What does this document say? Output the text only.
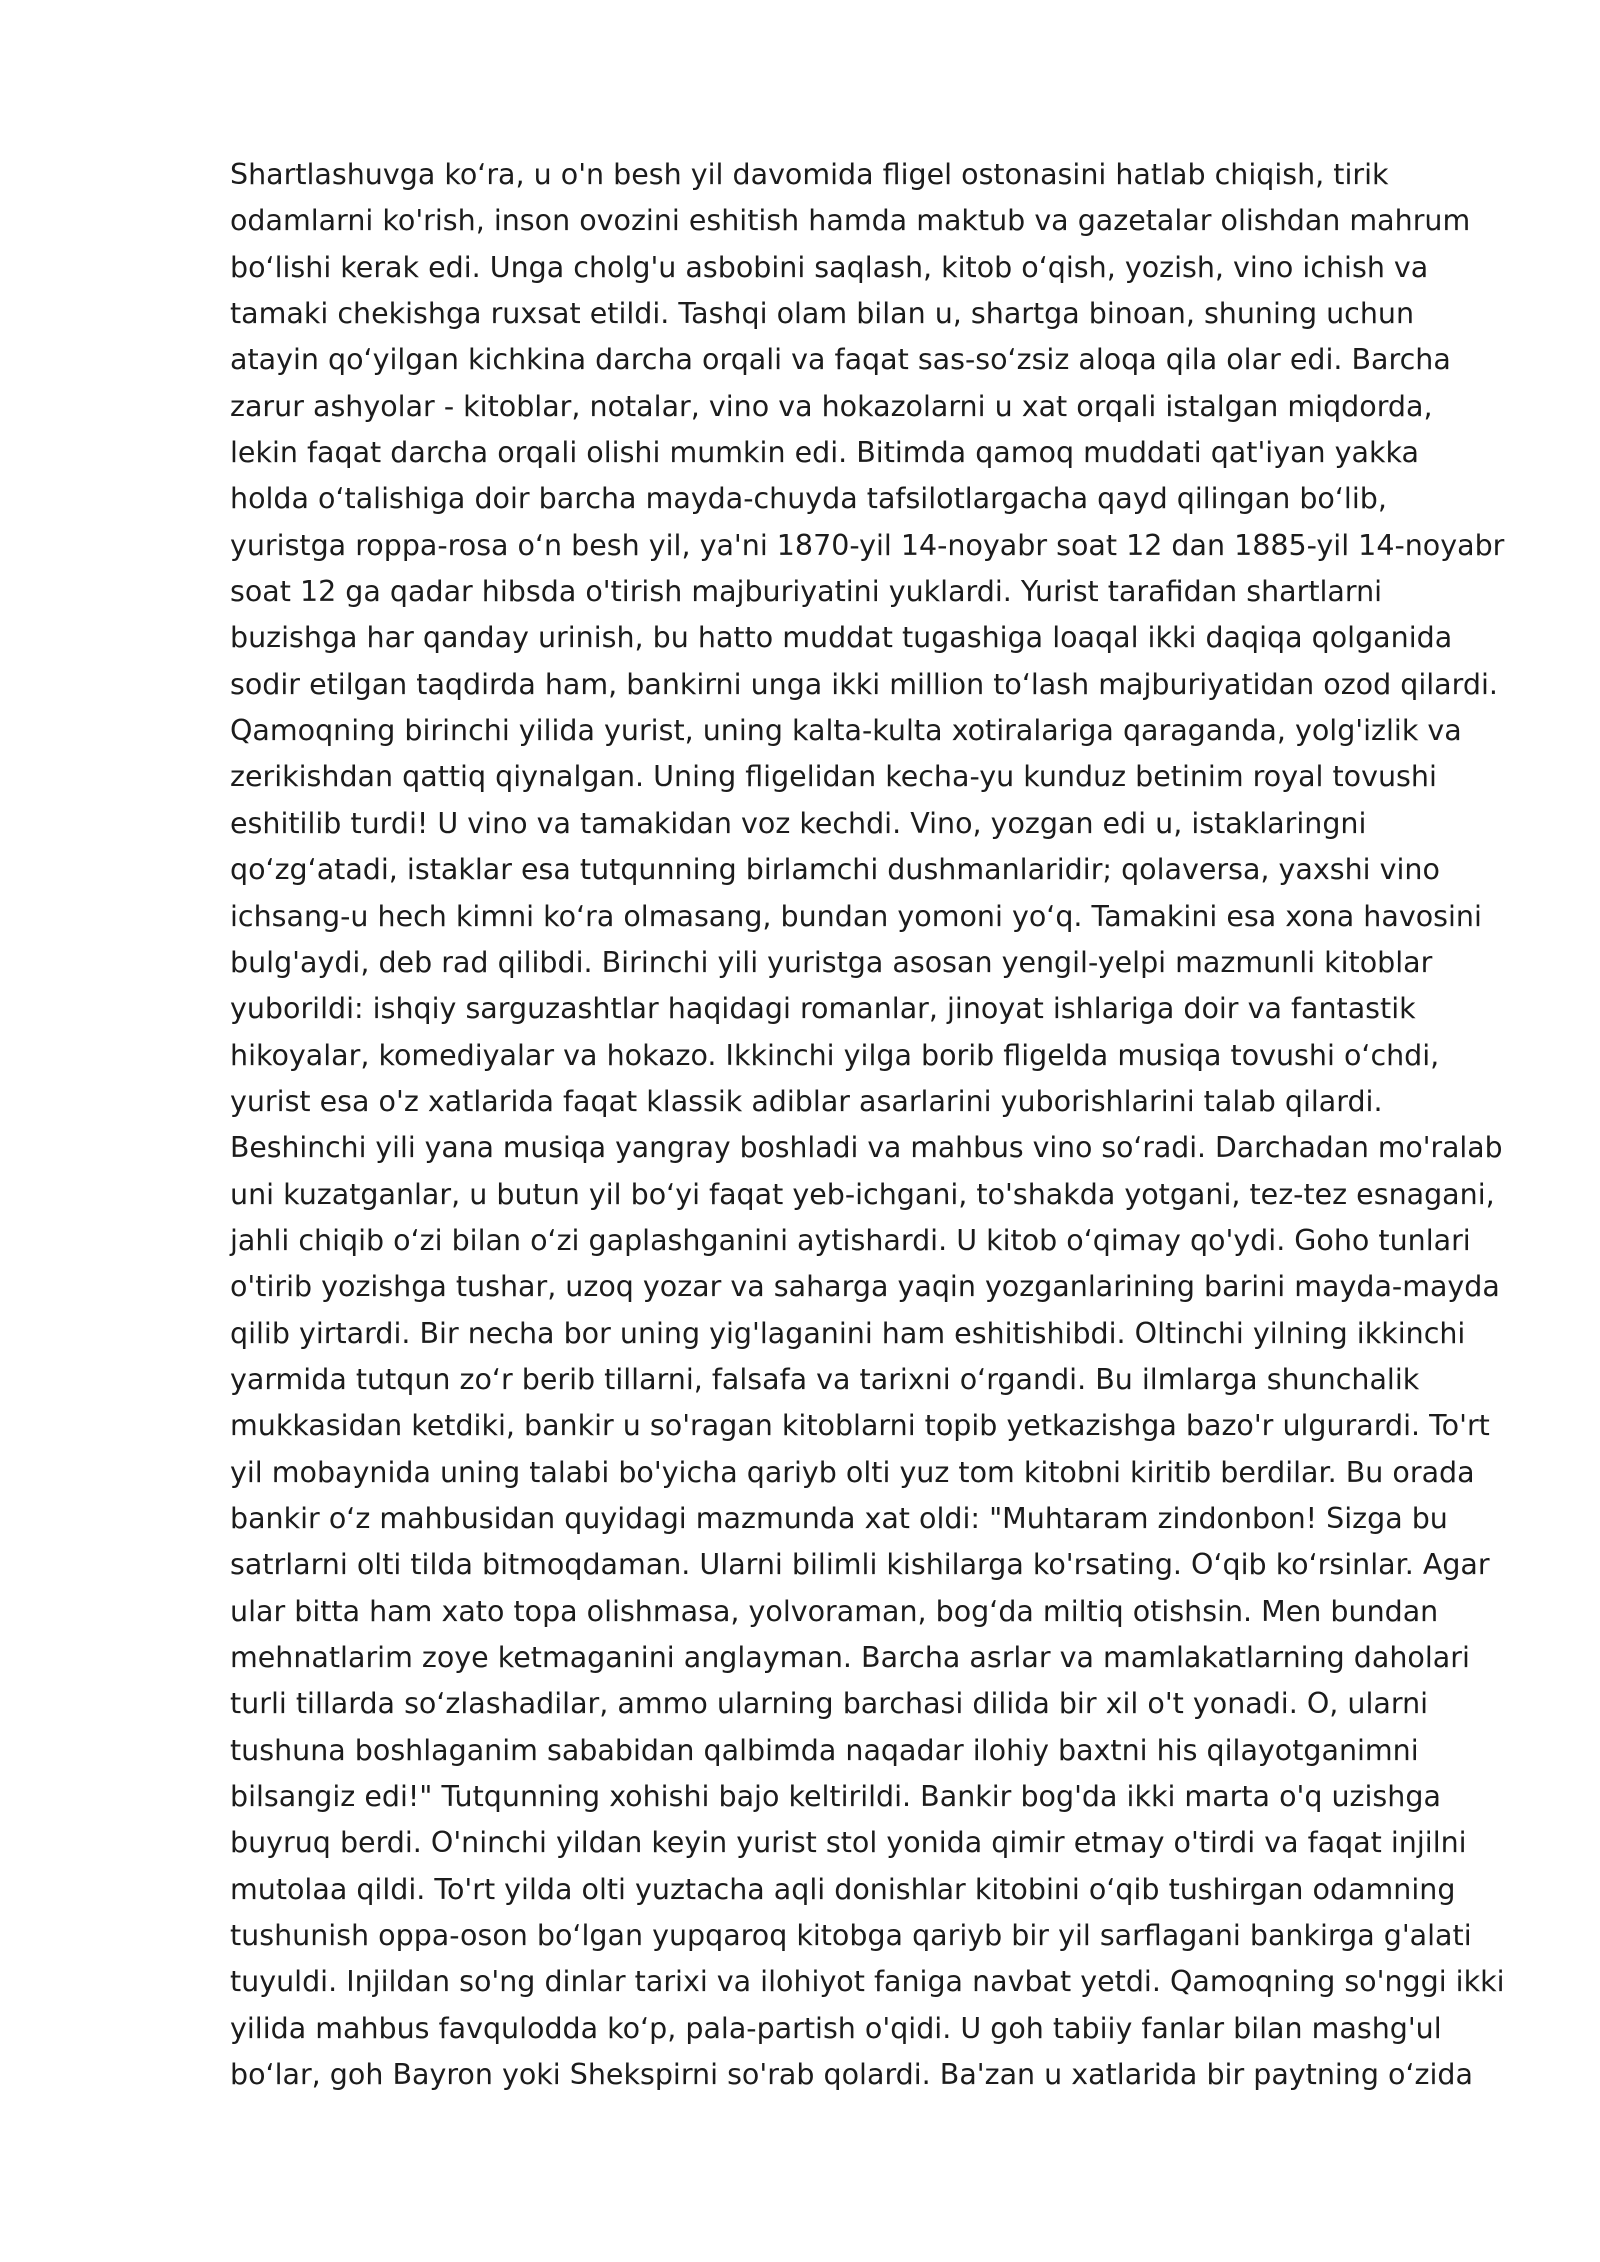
Shartlashuvga koʻra, u o'n besh yil davomida fligel ostonasini hatlab chiqish, tirik
odamlarni ko'rish, inson ovozini eshitish hamda maktub va gazetalar olishdan mahrum
boʻlishi kerak edi. Unga cholg'u asbobini saqlash, kitob oʻqish, yozish, vino ichish va
tamaki chekishga ruxsat etildi. Tashqi olam bilan u, shartga binoan, shuning uchun
atayin qoʻyilgan kichkina darcha orqali va faqat sas-soʻzsiz aloqa qila olar edi. Barcha
zarur ashyolar - kitoblar, notalar, vino va hokazolarni u xat orqali istalgan miqdorda,
lekin faqat darcha orqali olishi mumkin edi. Bitimda qamoq muddati qat'iyan yakka
holda oʻtalishiga doir barcha mayda-chuyda tafsilotlargacha qayd qilingan boʻlib,
yuristga roppa-rosa oʻn besh yil, ya'ni 1870-yil 14-noyabr soat 12 dan 1885-yil 14-noyabr
soat 12 ga qadar hibsda o'tirish majburiyatini yuklardi. Yurist tarafidan shartlarni
buzishga har qanday urinish, bu hatto muddat tugashiga loaqal ikki daqiqa qolganida
sodir etilgan taqdirda ham, bankirni unga ikki million toʻlash majburiyatidan ozod qilardi.
Qamoqning birinchi yilida yurist, uning kalta-kulta xotiralariga qaraganda, yolg'izlik va
zerikishdan qattiq qiynalgan. Uning fligelidan kecha-yu kunduz betinim royal tovushi
eshitilib turdi! U vino va tamakidan voz kechdi. Vino, yozgan edi u, istaklaringni
qoʻzgʻatadi, istaklar esa tutqunning birlamchi dushmanlaridir; qolaversa, yaxshi vino
ichsang-u hech kimni koʻra olmasang, bundan yomoni yoʻq. Tamakini esa xona havosini
bulg'aydi, deb rad qilibdi. Birinchi yili yuristga asosan yengil-yelpi mazmunli kitoblar
yuborildi: ishqiy sarguzashtlar haqidagi romanlar, jinoyat ishlariga doir va fantastik
hikoyalar, komediyalar va hokazo. Ikkinchi yilga borib fligelda musiqa tovushi oʻchdi,
yurist esa o'z xatlarida faqat klassik adiblar asarlarini yuborishlarini talab qilardi.
Beshinchi yili yana musiqa yangray boshladi va mahbus vino soʻradi. Darchadan mo'ralab
uni kuzatganlar, u butun yil boʻyi faqat yeb-ichgani, to'shakda yotgani, tez-tez esnagani,
jahli chiqib oʻzi bilan oʻzi gaplashganini aytishardi. U kitob oʻqimay qo'ydi. Goho tunlari
o'tirib yozishga tushar, uzoq yozar va saharga yaqin yozganlarining barini mayda-mayda
qilib yirtardi. Bir necha bor uning yig'laganini ham eshitishibdi. Oltinchi yilning ikkinchi
yarmida tutqun zoʻr berib tillarni, falsafa va tarixni oʻrgandi. Bu ilmlarga shunchalik
mukkasidan ketdiki, bankir u so'ragan kitoblarni topib yetkazishga bazo'r ulgurardi. To'rt
yil mobaynida uning talabi bo'yicha qariyb olti yuz tom kitobni kiritib berdilar. Bu orada
bankir oʻz mahbusidan quyidagi mazmunda xat oldi: "Muhtaram zindonbon! Sizga bu
satrlarni olti tilda bitmoqdaman. Ularni bilimli kishilarga ko'rsating. Oʻqib koʻrsinlar. Agar
ular bitta ham xato topa olishmasa, yolvoraman, bogʻda miltiq otishsin. Men bundan
mehnatlarim zoye ketmaganini anglayman. Barcha asrlar va mamlakatlarning daholari
turli tillarda soʻzlashadilar, ammo ularning barchasi dilida bir xil o't yonadi. O, ularni
tushuna boshlaganim sababidan qalbimda naqadar ilohiy baxtni his qilayotganimni
bilsangiz edi!" Tutqunning xohishi bajo keltirildi. Bankir bog'da ikki marta o'q uzishga
buyruq berdi. O'ninchi yildan keyin yurist stol yonida qimir etmay o'tirdi va faqat injilni
mutolaa qildi. To'rt yilda olti yuztacha aqli donishlar kitobini oʻqib tushirgan odamning
tushunish oppa-oson boʻlgan yupqaroq kitobga qariyb bir yil sarflagani bankirga g'alati
tuyuldi. Injildan so'ng dinlar tarixi va ilohiyot faniga navbat yetdi. Qamoqning so'nggi ikki
yilida mahbus favqulodda koʻp, pala-partish o'qidi. U goh tabiiy fanlar bilan mashg'ul
boʻlar, goh Bayron yoki Shekspirni so'rab qolardi. Ba'zan u xatlarida bir paytning oʻzida
